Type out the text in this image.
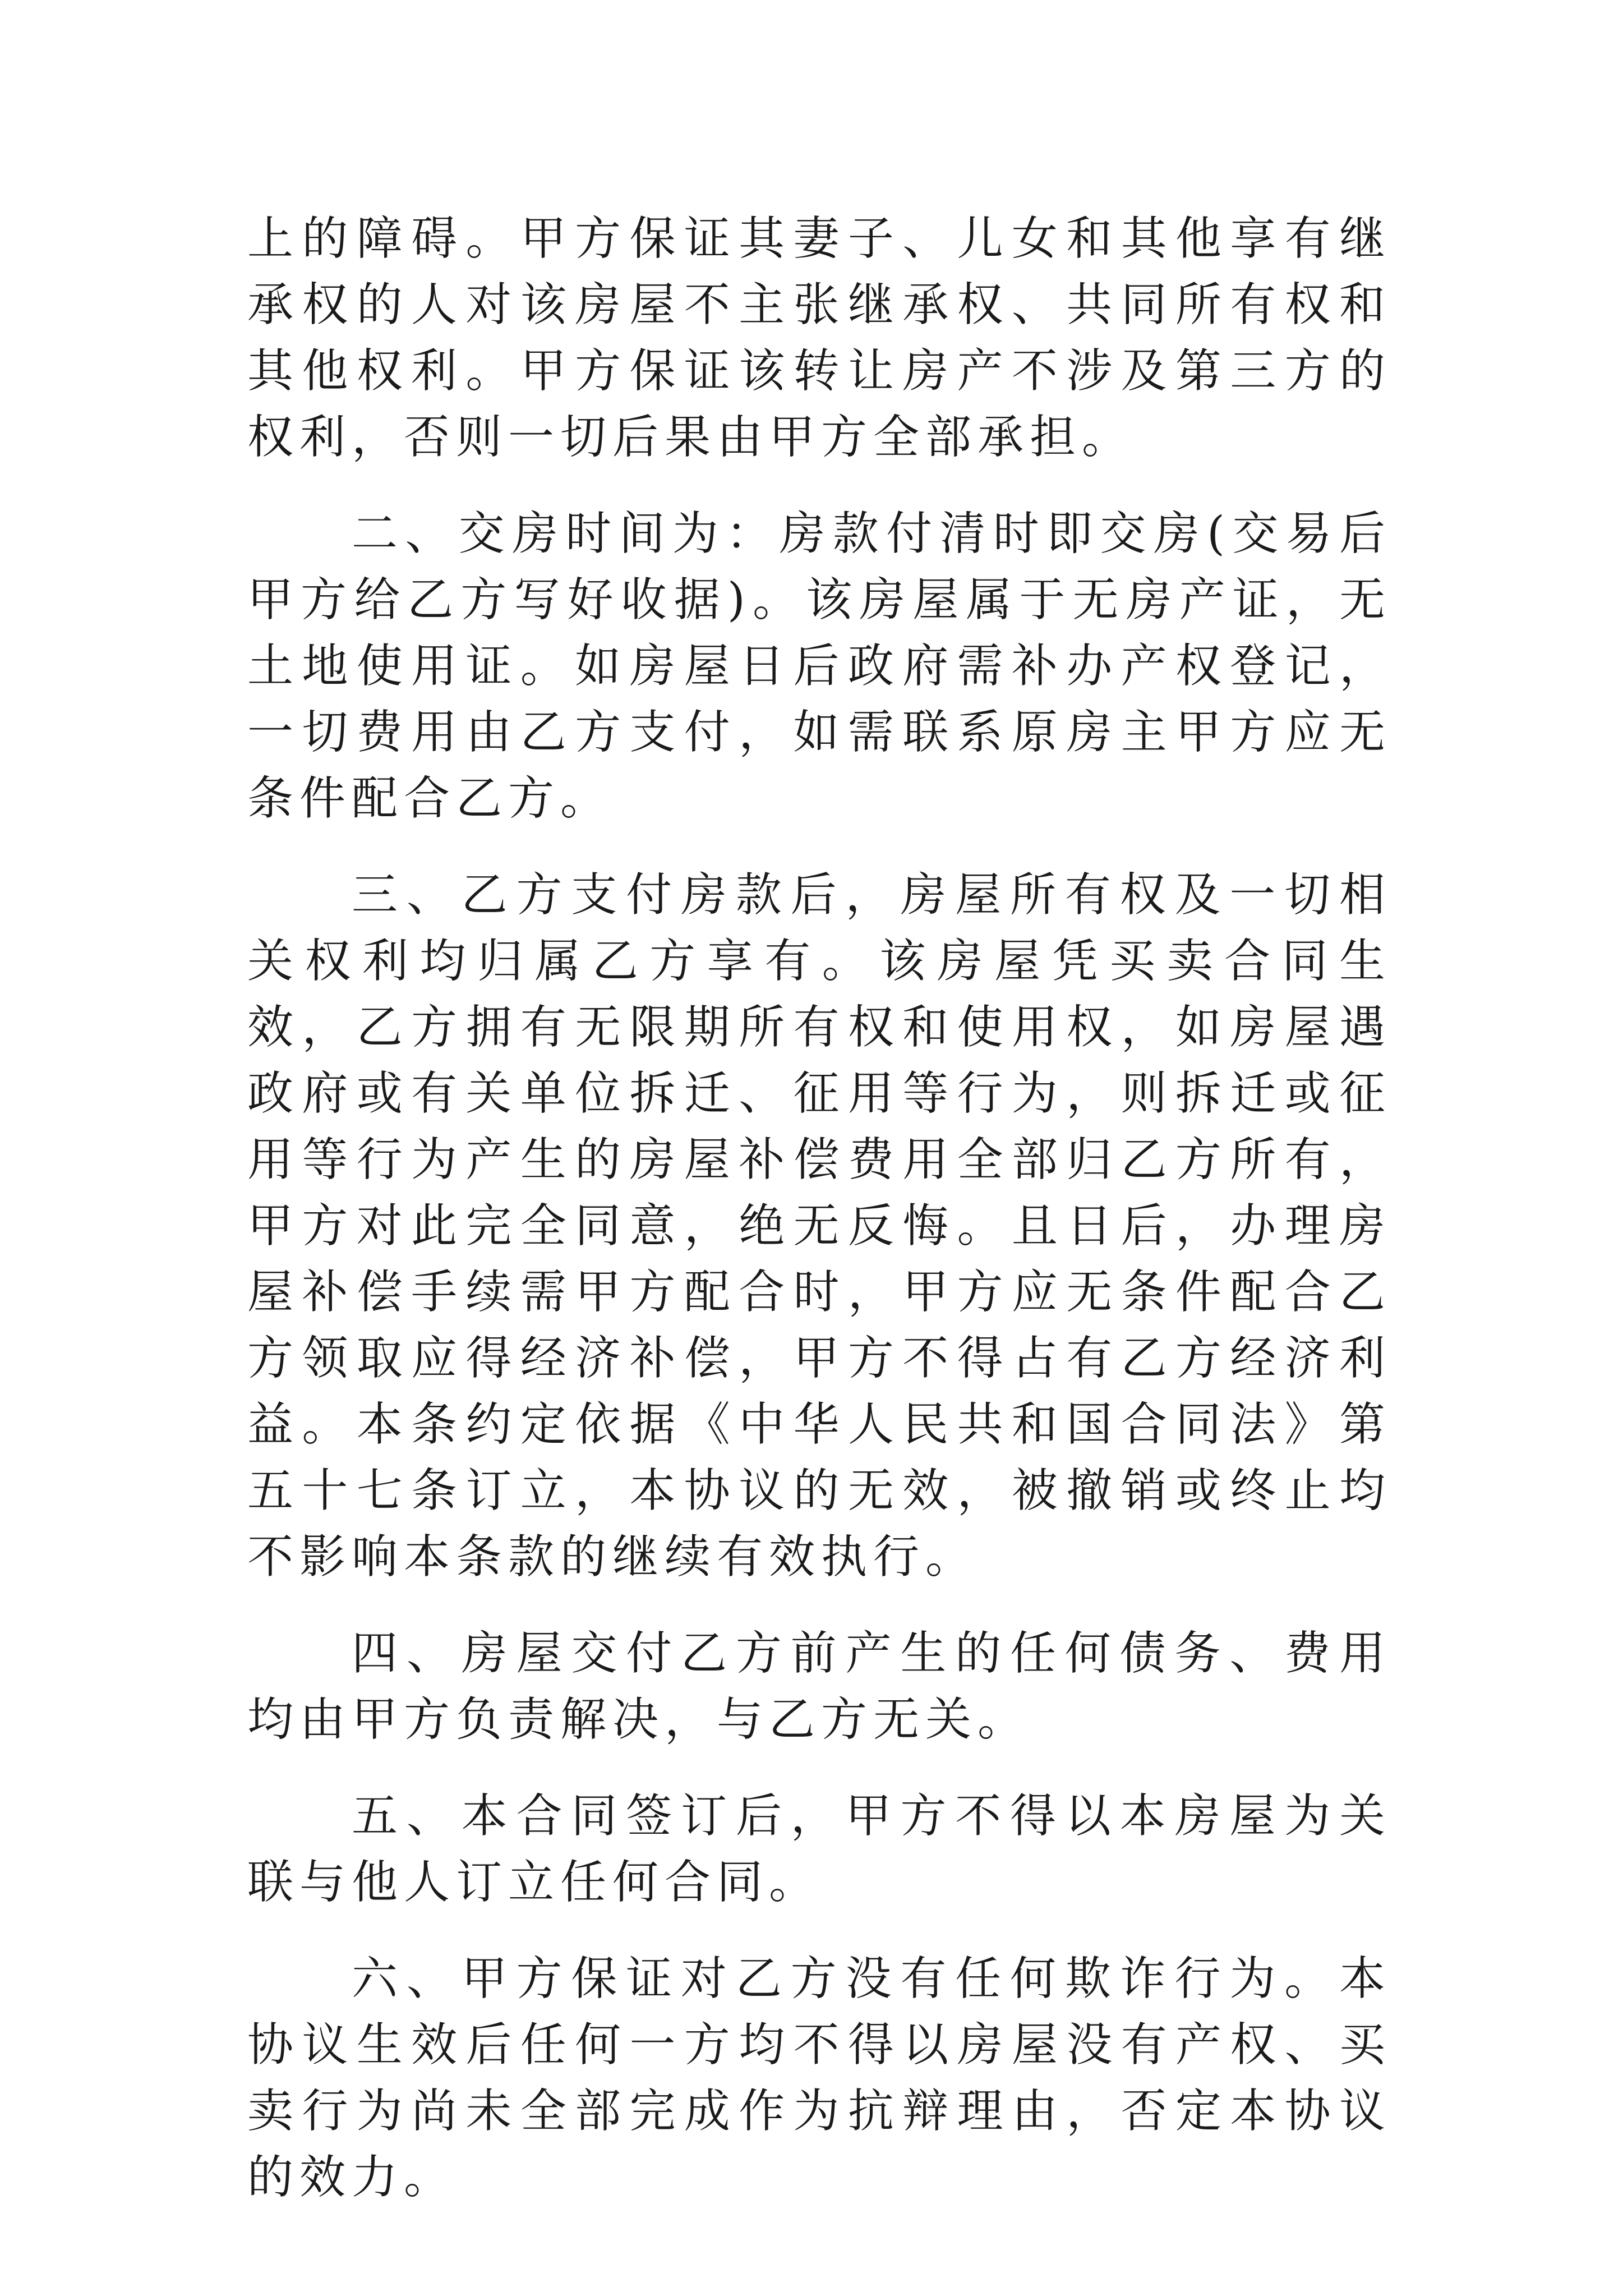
上的障碍。甲方保证其妻子、儿女和其他享有继承权的人对该房屋不主张继承权、共同所有权和其他权利。甲方保证该转让房产不涉及第三方的权利，否则一切后果由甲方全部承担。

二、交房时间为：房款付清时即交房(交易后甲方给乙方写好收据)。该房屋属于无房产证，无土地使用证。如房屋日后政府需补办产权登记，一切费用由乙方支付，如需联系原房主甲方应无条件配合乙方。

三、乙方支付房款后，房屋所有权及一切相关权利均归属乙方享有。该房屋凭买卖合同生效，乙方拥有无限期所有权和使用权，如房屋遇政府或有关单位拆迁、征用等行为，则拆迁或征用等行为产生的房屋补偿费用全部归乙方所有，甲方对此完全同意，绝无反悔。且日后，办理房屋补偿手续需甲方配合时，甲方应无条件配合乙方领取应得经济补偿，甲方不得占有乙方经济利益。本条约定依据《中华人民共和国合同法》第五十七条订立，本协议的无效，被撤销或终止均不影响本条款的继续有效执行。

四、房屋交付乙方前产生的任何债务、费用均由甲方负责解决，与乙方无关。

五、本合同签订后，甲方不得以本房屋为关联与他人订立任何合同。

六、甲方保证对乙方没有任何欺诈行为。本协议生效后任何一方均不得以房屋没有产权、买卖行为尚未全部完成作为抗辩理由，否定本协议的效力。
